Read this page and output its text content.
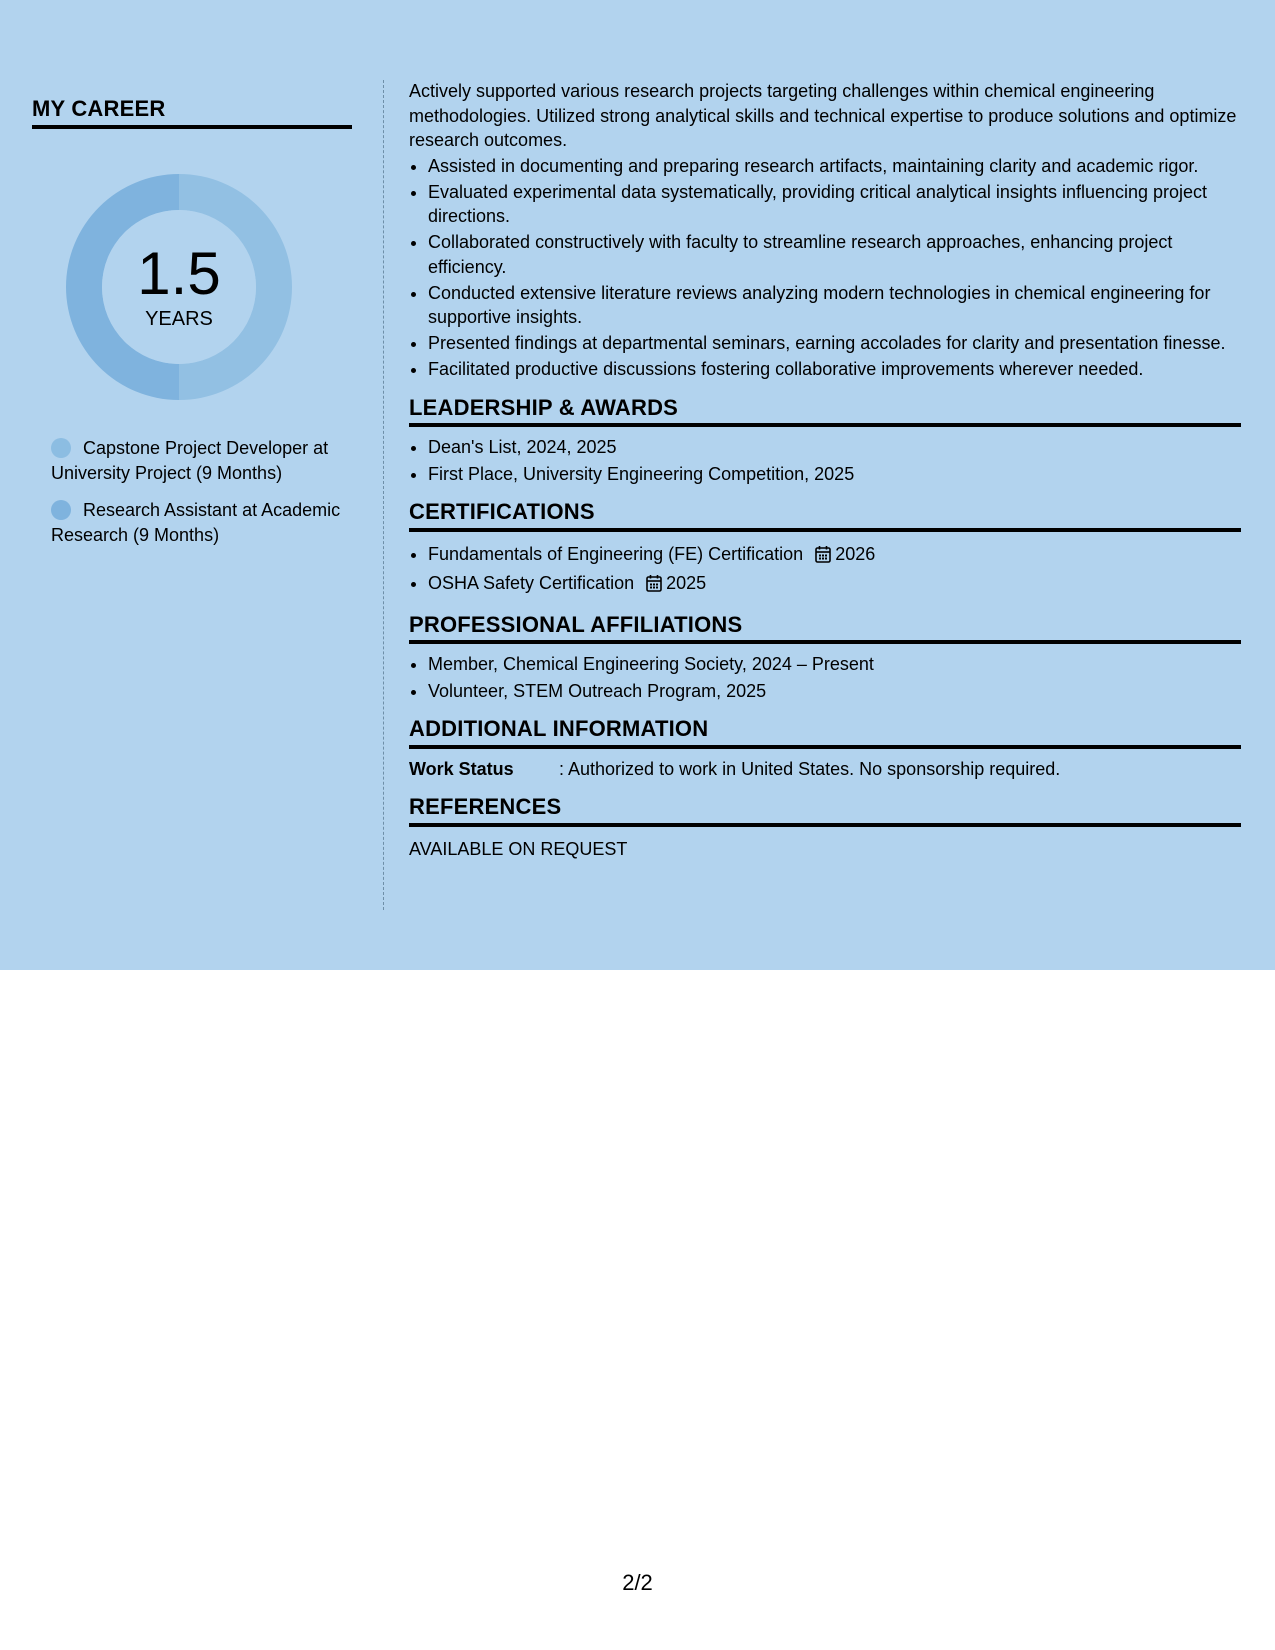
MY CAREER
1.5
YEARS
Capstone Project Developer at University Project (9 Months)
Research Assistant at Academic Research (9 Months)

Actively supported various research projects targeting challenges within chemical engineering methodologies. Utilized strong analytical skills and technical expertise to produce solutions and optimize research outcomes.

• Assisted in documenting and preparing research artifacts, maintaining clarity and academic rigor.
• Evaluated experimental data systematically, providing critical analytical insights influencing project directions.
• Collaborated constructively with faculty to streamline research approaches, enhancing project efficiency.
• Conducted extensive literature reviews analyzing modern technologies in chemical engineering for supportive insights.
• Presented findings at departmental seminars, earning accolades for clarity and presentation finesse.
• Facilitated productive discussions fostering collaborative improvements wherever needed.
LEADERSHIP & AWARDS
• Dean's List, 2024, 2025
• First Place, University Engineering Competition, 2025
CERTIFICATIONS
• Fundamentals of Engineering (FE) Certification 2026
• OSHA Safety Certification 2025
PROFESSIONAL AFFILIATIONS
• Member, Chemical Engineering Society, 2024 – Present
• Volunteer, STEM Outreach Program, 2025
ADDITIONAL INFORMATION
Work Status	: Authorized to work in United States. No sponsorship required.
REFERENCES
AVAILABLE ON REQUEST
2/2
